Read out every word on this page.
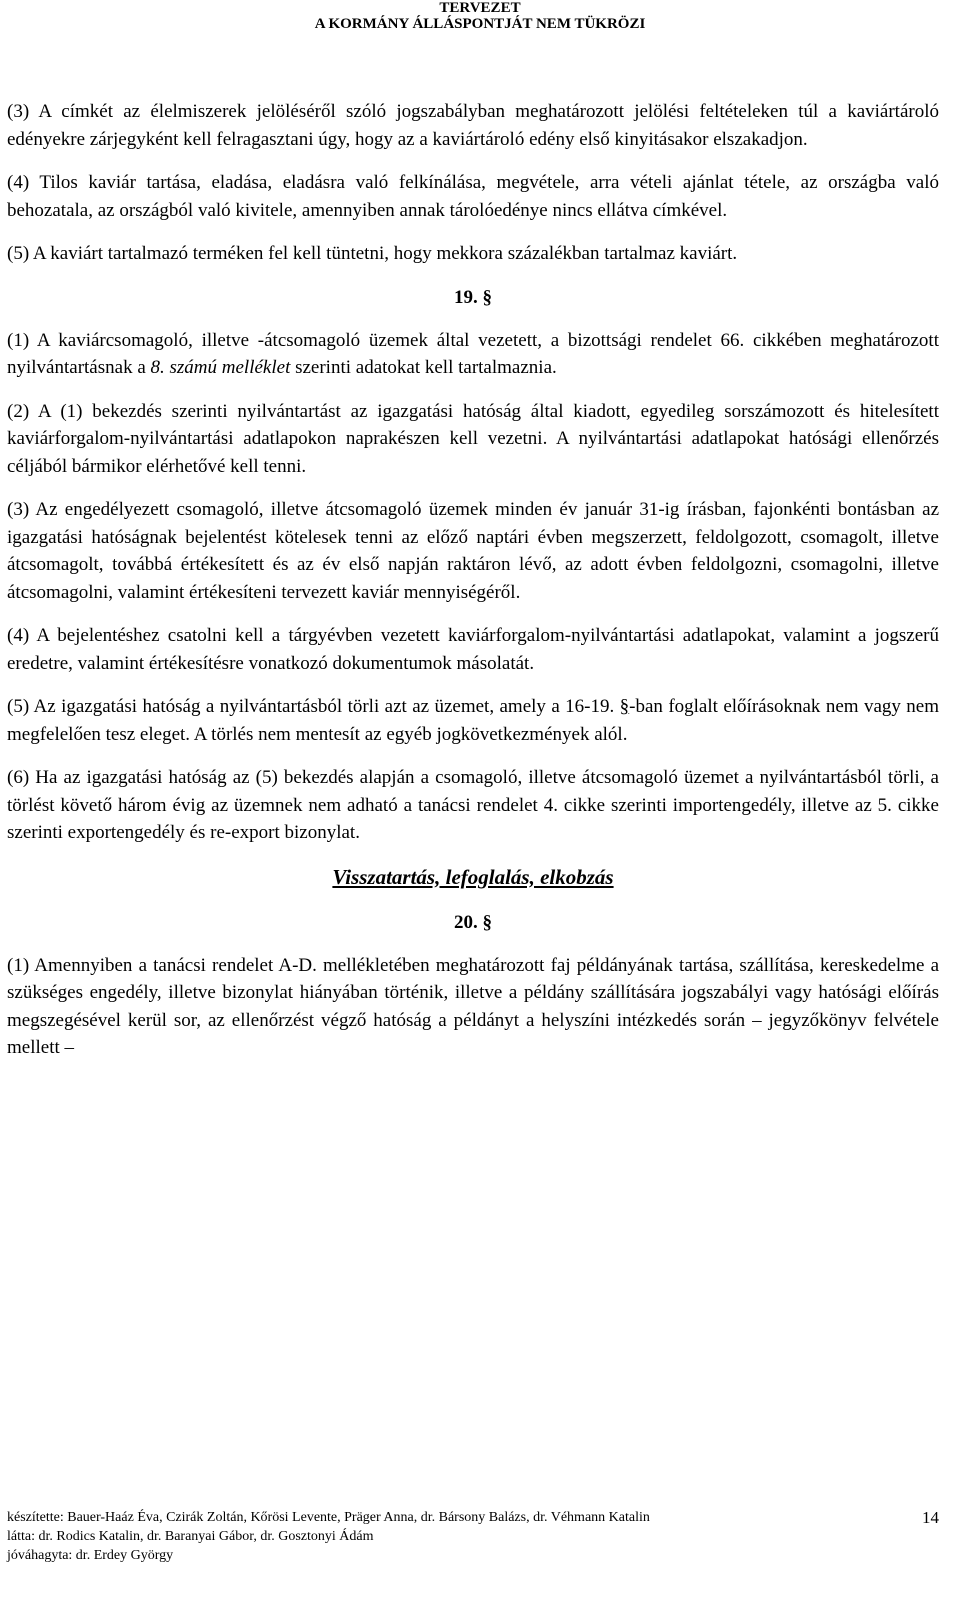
TERVEZET
A KORMÁNY ÁLLÁSPONTJÁT NEM TÜKRÖZI

(3) A címkét az élelmiszerek jelöléséről szóló jogszabályban meghatározott jelölési feltételeken túl a kaviártároló edényekre zárjegyként kell felragasztani úgy, hogy az a kaviártároló edény első kinyitásakor elszakadjon.

(4) Tilos kaviár tartása, eladása, eladásra való felkínálása, megvétele, arra vételi ajánlat tétele, az országba való behozatala, az országból való kivitele, amennyiben annak tárolóedénye nincs ellátva címkével.

(5) A kaviárt tartalmazó terméken fel kell tüntetni, hogy mekkora százalékban tartalmaz kaviárt.

19. §

(1) A kaviárcsomagoló, illetve -átcsomagoló üzemek által vezetett, a bizottsági rendelet 66. cikkében meghatározott nyilvántartásnak a 8. számú melléklet szerinti adatokat kell tartalmaznia.

(2) A (1) bekezdés szerinti nyilvántartást az igazgatási hatóság által kiadott, egyedileg sorszámozott és hitelesített kaviárforgalom-nyilvántartási adatlapokon naprakészen kell vezetni. A nyilvántartási adatlapokat hatósági ellenőrzés céljából bármikor elérhetővé kell tenni.

(3) Az engedélyezett csomagoló, illetve átcsomagoló üzemek minden év január 31-ig írásban, fajonkénti bontásban az igazgatási hatóságnak bejelentést kötelesek tenni az előző naptári évben megszerzett, feldolgozott, csomagolt, illetve átcsomagolt, továbbá értékesített és az év első napján raktáron lévő, az adott évben feldolgozni, csomagolni, illetve átcsomagolni, valamint értékesíteni tervezett kaviár mennyiségéről.

(4) A bejelentéshez csatolni kell a tárgyévben vezetett kaviárforgalom-nyilvántartási adatlapokat, valamint a jogszerű eredetre, valamint értékesítésre vonatkozó dokumentumok másolatát.

(5) Az igazgatási hatóság a nyilvántartásból törli azt az üzemet, amely a 16-19. §-ban foglalt előírásoknak nem vagy nem megfelelően tesz eleget. A törlés nem mentesít az egyéb jogkövetkezmények alól.

(6) Ha az igazgatási hatóság az (5) bekezdés alapján a csomagoló, illetve átcsomagoló üzemet a nyilvántartásból törli, a törlést követő három évig az üzemnek nem adható a tanácsi rendelet 4. cikke szerinti importengedély, illetve az 5. cikke szerinti exportengedély és re-export bizonylat.

Visszatartás, lefoglalás, elkobzás
20. §

(1) Amennyiben a tanácsi rendelet A-D. mellékletében meghatározott faj példányának tartása, szállítása, kereskedelme a szükséges engedély, illetve bizonylat hiányában történik, illetve a példány szállítására jogszabályi vagy hatósági előírás megszegésével kerül sor, az ellenőrzést végző hatóság a példányt a helyszíni intézkedés során – jegyzőkönyv felvétele mellett –

készítette: Bauer-Haáz Éva, Czirák Zoltán, Kőrösi Levente, Präger Anna, dr. Bársony Balázs, dr. Véhmann Katalin
látta: dr. Rodics Katalin, dr. Baranyai Gábor, dr. Gosztonyi Ádám
jóváhagyta: dr. Erdey György
14
